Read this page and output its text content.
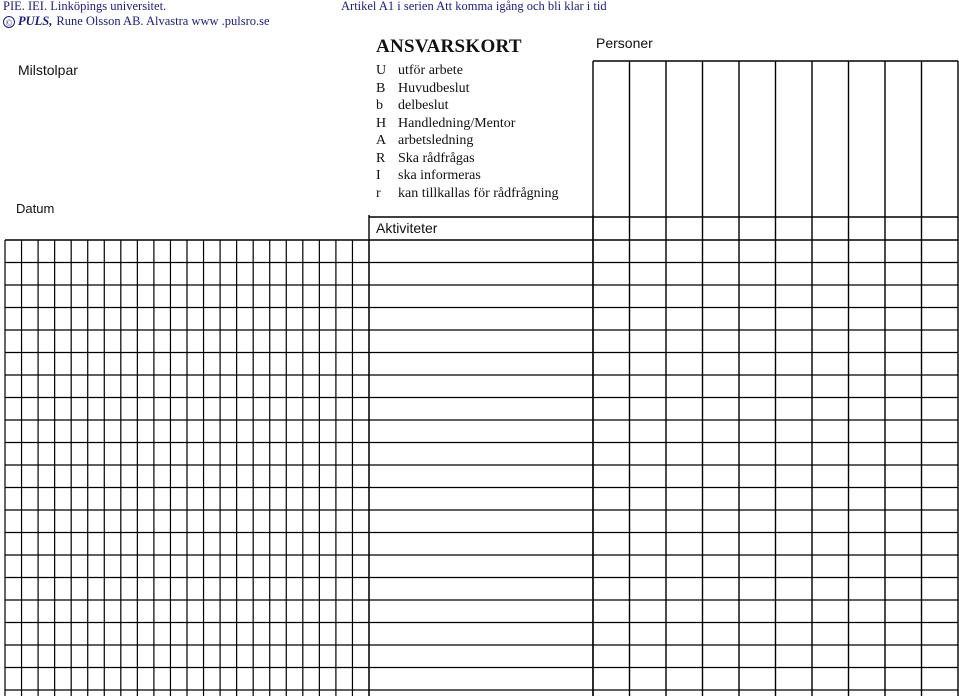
PIE. IEI. Linköpings universitet.
© PULS, Rune Olsson AB. Alvastra www .pulsro.se
Artikel A1 i serien Att komma igång och bli klar i tid
ANSVARSKORT
U utför arbete
B Huvudbeslut
b delbeslut
H Handledning/Mentor
A arbetsledning
R Ska rådfrågas
I ska informeras
r kan tillkallas för rådfrågning
Personer
Milstolpar
Datum
Aktiviteter
